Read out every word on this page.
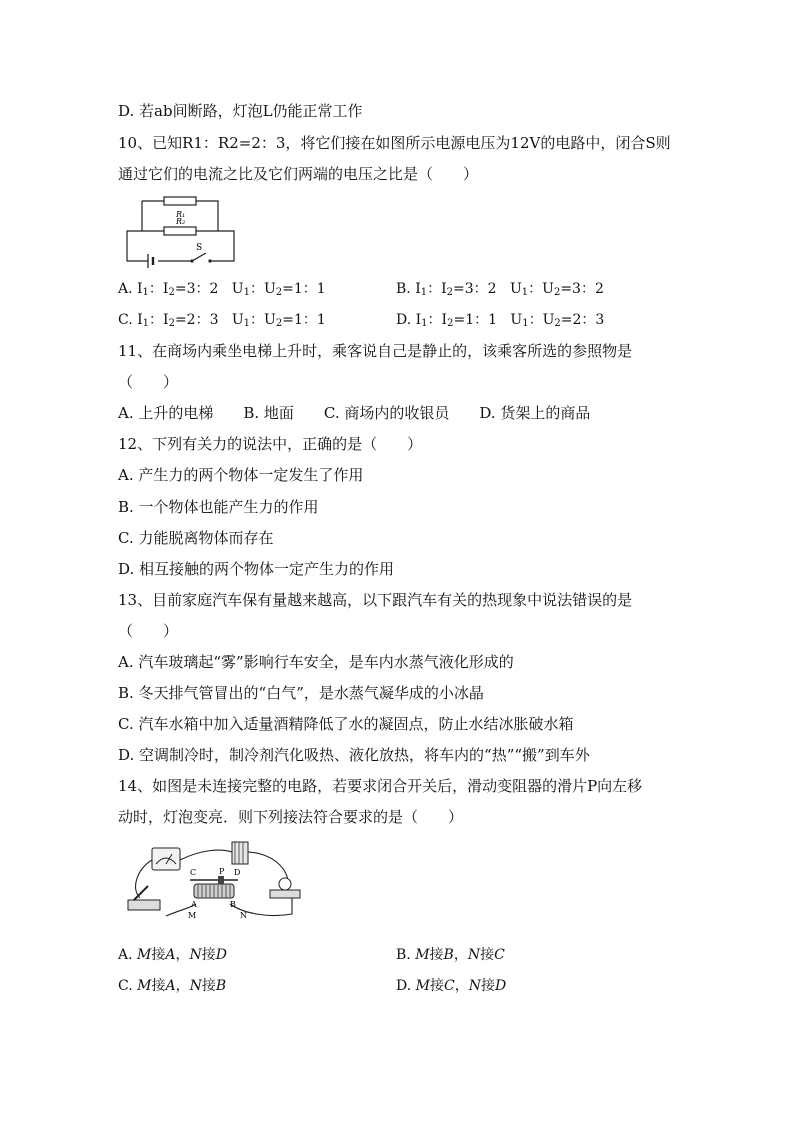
D. 若ab间断路，灯泡L仍能正常工作
10、已知R1：R2=2：3，将它们接在如图所示电源电压为12V的电路中，闭合S则
通过它们的电流之比及它们两端的电压之比是（　　）
R₁
R₂
S
A. $I_1$：$I_2=3$：2 $U_1$：$U_2=1$：1	B. $I_1$：$I_2=3$：2 $U_1$：$U_2=3$：2
C. $I_1$：$I_2=2$：3 $U_1$：$U_2=1$：1	D. $I_1$：$I_2=1$：1 $U_1$：$U_2=2$：3
11、在商场内乘坐电梯上升时，乘客说自己是静止的，该乘客所选的参照物是
（　　）
A. 上升的电梯　　B. 地面　　C. 商场内的收银员　　D. 货架上的商品
12、下列有关力的说法中，正确的是（　　）
A. 产生力的两个物体一定发生了作用
B. 一个物体也能产生力的作用
C. 力能脱离物体而存在
D. 相互接触的两个物体一定产生力的作用
13、目前家庭汽车保有量越来越高，以下跟汽车有关的热现象中说法错误的是
（　　）
A. 汽车玻璃起“雾”影响行车安全，是车内水蒸气液化形成的
B. 冬天排气管冒出的“白气”，是水蒸气凝华成的小冰晶
C. 汽车水箱中加入适量酒精降低了水的凝固点，防止水结冰胀破水箱
D. 空调制冷时，制冷剂汽化吸热、液化放热，将车内的“热”“搬”到车外
14、如图是未连接完整的电路，若要求闭合开关后，滑动变阻器的滑片P向左移
动时，灯泡变亮．则下列接法符合要求的是（　　）
C	P D
A	B
M	N
A. M接A，N接D	B. M接B，N接C
C. M接A，N接B	D. M接C，N接D
